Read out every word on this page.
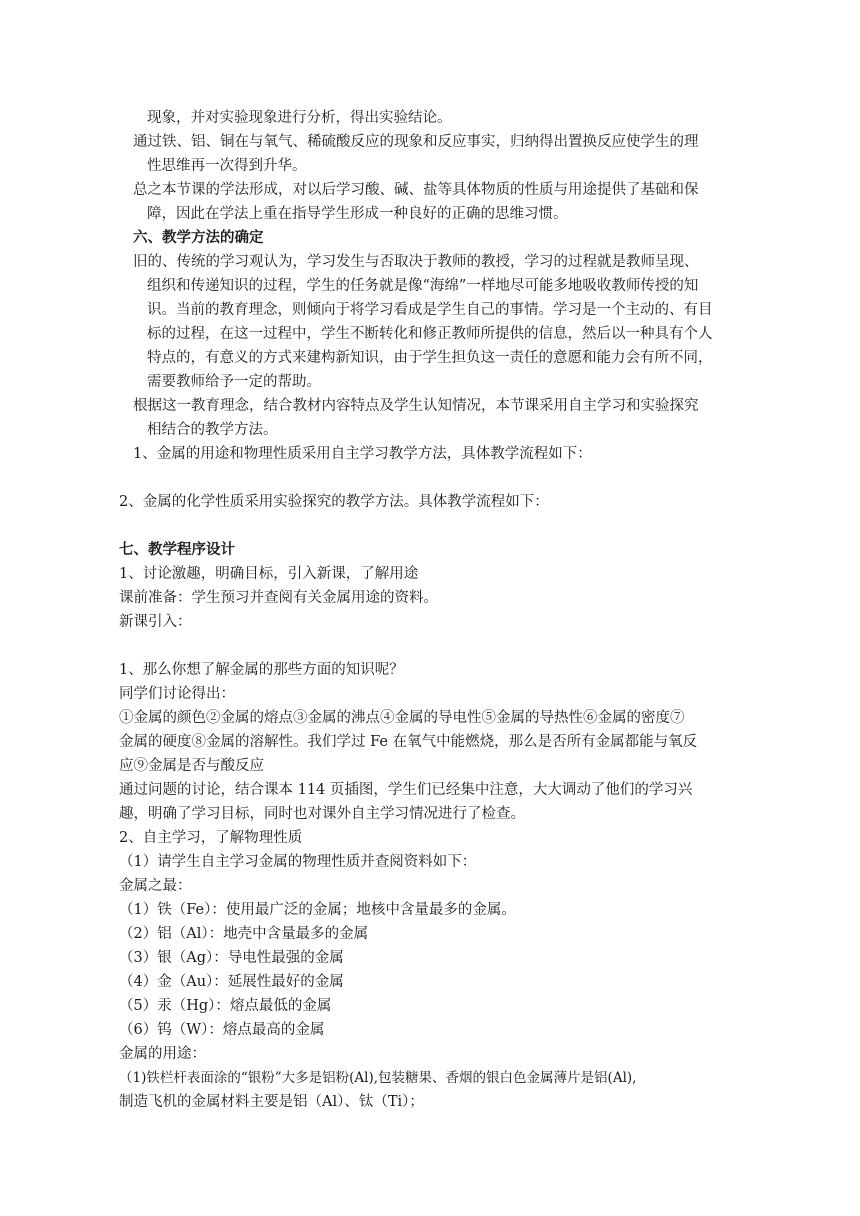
现象，并对实验现象进行分析，得出实验结论。
通过铁、铝、铜在与氧气、稀硫酸反应的现象和反应事实，归纳得出置换反应使学生的理
性思维再一次得到升华。
总之本节课的学法形成，对以后学习酸、碱、盐等具体物质的性质与用途提供了基础和保
障，因此在学法上重在指导学生形成一种良好的正确的思维习惯。
六、教学方法的确定
旧的、传统的学习观认为，学习发生与否取决于教师的教授，学习的过程就是教师呈现、
组织和传递知识的过程，学生的任务就是像“海绵”一样地尽可能多地吸收教师传授的知
识。当前的教育理念，则倾向于将学习看成是学生自己的事情。学习是一个主动的、有目
标的过程，在这一过程中，学生不断转化和修正教师所提供的信息，然后以一种具有个人
特点的，有意义的方式来建构新知识，由于学生担负这一责任的意愿和能力会有所不同，
需要教师给予一定的帮助。
根据这一教育理念，结合教材内容特点及学生认知情况，本节课采用自主学习和实验探究
相结合的教学方法。
1、金属的用途和物理性质采用自主学习教学方法，具体教学流程如下：
2、金属的化学性质采用实验探究的教学方法。具体教学流程如下：
七、教学程序设计
1、讨论激趣，明确目标，引入新课，了解用途
课前准备：学生预习并查阅有关金属用途的资料。
新课引入：
1、那么你想了解金属的那些方面的知识呢？
同学们讨论得出：
①金属的颜色②金属的熔点③金属的沸点④金属的导电性⑤金属的导热性⑥金属的密度⑦
金属的硬度⑧金属的溶解性。我们学过 Fe 在氧气中能燃烧，那么是否所有金属都能与氧反
应⑨金属是否与酸反应
通过问题的讨论，结合课本 114 页插图，学生们已经集中注意，大大调动了他们的学习兴
趣，明确了学习目标，同时也对课外自主学习情况进行了检查。
2、自主学习，了解物理性质
（1）请学生自主学习金属的物理性质并查阅资料如下：
金属之最：
（1）铁（Fe）：使用最广泛的金属；地核中含量最多的金属。
（2）铝（Al）：地壳中含量最多的金属
（3）银（Ag）：导电性最强的金属
（4）金（Au）：延展性最好的金属
（5）汞（Hg）：熔点最低的金属
（6）钨（W）：熔点最高的金属
金属的用途：
（1)铁栏杆表面涂的“银粉”大多是铝粉(Al),包装糖果、香烟的银白色金属薄片是铝(Al),
制造飞机的金属材料主要是铝（Al）、钛（Ti）；
